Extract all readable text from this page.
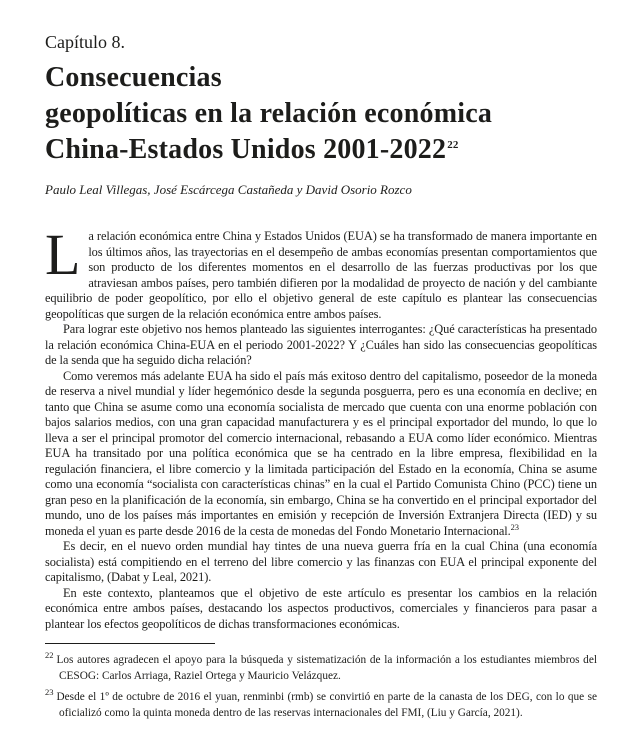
Capítulo 8.

Consecuencias
geopolíticas en la relación económica
China-Estados Unidos 2001-2022$^{22}$

Paulo Leal Villegas, José Escárcega Castañeda y David Osorio Rozco

La relación económica entre China y Estados Unidos (EUA) se ha transformado de manera importante en los últimos años, las trayectorias en el desempeño de ambas economías presentan comportamientos que son producto de los diferentes momentos en el desarrollo de las fuerzas productivas por los que atraviesan ambos países, pero también difieren por la modalidad de proyecto de nación y del cambiante equilibrio de poder geopolítico, por ello el objetivo general de este capítulo es plantear las consecuencias geopolíticas que surgen de la relación económica entre ambos países.

Para lograr este objetivo nos hemos planteado las siguientes interrogantes: ¿Qué características ha presentado la relación económica China-EUA en el periodo 2001-2022? Y ¿Cuáles han sido las consecuencias geopolíticas de la senda que ha seguido dicha relación?

Como veremos más adelante EUA ha sido el país más exitoso dentro del capitalismo, poseedor de la moneda de reserva a nivel mundial y líder hegemónico desde la segunda posguerra, pero es una economía en declive; en tanto que China se asume como una economía socialista de mercado que cuenta con una enorme población con bajos salarios medios, con una gran capacidad manufacturera y es el principal exportador del mundo, lo que lo lleva a ser el principal promotor del comercio internacional, rebasando a EUA como líder económico. Mientras EUA ha transitado por una política económica que se ha centrado en la libre empresa, flexibilidad en la regulación financiera, el libre comercio y la limitada participación del Estado en la economía, China se asume como una economía “socialista con características chinas” en la cual el Partido Comunista Chino (PCC) tiene un gran peso en la planificación de la economía, sin embargo, China se ha convertido en el principal exportador del mundo, uno de los países más importantes en emisión y recepción de Inversión Extranjera Directa (IED) y su moneda el yuan es parte desde 2016 de la cesta de monedas del Fondo Monetario Internacional.$^{23}$

Es decir, en el nuevo orden mundial hay tintes de una nueva guerra fría en la cual China (una economía socialista) está compitiendo en el terreno del libre comercio y las finanzas con EUA el principal exponente del capitalismo, (Dabat y Leal, 2021).

En este contexto, planteamos que el objetivo de este artículo es presentar los cambios en la relación económica entre ambos países, destacando los aspectos productivos, comerciales y financieros para pasar a plantear los efectos geopolíticos de dichas transformaciones económicas.

$^{22}$ Los autores agradecen el apoyo para la búsqueda y sistematización de la información a los estudiantes miembros del CESOG: Carlos Arriaga, Raziel Ortega y Mauricio Velázquez.

$^{23}$ Desde el 1º de octubre de 2016 el yuan, renminbi (rmb) se convirtió en parte de la canasta de los DEG, con lo que se oficializó como la quinta moneda dentro de las reservas internacionales del FMI, (Liu y García, 2021).
